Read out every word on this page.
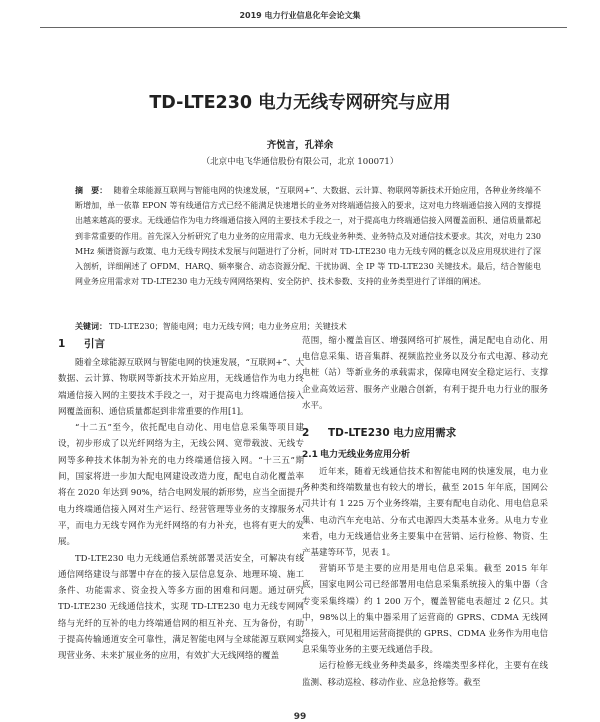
2019 电力行业信息化年会论文集
TD-LTE230 电力无线专网研究与应用
齐悦言，孔祥余
（北京中电飞华通信股份有限公司，北京 100071）
摘　要： 随着全球能源互联网与智能电网的快速发展，“互联网+”、大数据、云计算、物联网等新技术开始应用，各种业务终端不断增加，单一依靠 EPON 等有线通信方式已经不能满足快速增长的业务对终端通信接入的要求，这对电力终端通信接入网的支撑提出越来越高的要求。无线通信作为电力终端通信接入网的主要技术手段之一，对于提高电力终端通信接入网覆盖面积、通信质量都起到非常重要的作用。首先深入分析研究了电力业务的应用需求、电力无线业务种类、业务特点及对通信技术要求。其次，对电力 230 MHz 频谱资源与政策、电力无线专网技术发展与问题进行了分析，同时对 TD-LTE230 电力无线专网的概念以及应用现状进行了深入剖析，详细阐述了 OFDM、HARQ、频率聚合、动态资源分配、干扰协调、全 IP 等 TD-LTE230 关键技术。最后，结合智能电网业务应用需求对 TD-LTE230 电力无线专网网络架构、安全防护、技术参数、支持的业务类型进行了详细的阐述。
关键词： TD-LTE230；智能电网；电力无线专网；电力业务应用；关键技术
1 引言

随着全球能源互联网与智能电网的快速发展，“互联网+”、大数据、云计算、物联网等新技术开始应用，无线通信作为电力终端通信接入网的主要技术手段之一，对于提高电力终端通信接入网覆盖面积、通信质量都起到非常重要的作用[1]。

“十二五”至今，依托配电自动化、用电信息采集等项目建设，初步形成了以光纤网络为主，无线公网、宽带载波、无线专网等多种技术体制为补充的电力终端通信接入网。“十三五”期间，国家将进一步加大配电网建设改造力度，配电自动化覆盖率将在 2020 年达到 90%，结合电网发展的新形势，应当全面提升电力终端通信接入网对生产运行、经营管理等业务的支撑服务水平，而电力无线专网作为光纤网络的有力补充，也将有更大的发展。

TD-LTE230 电力无线通信系统部署灵活安全，可解决有线通信网络建设与部署中存在的接入层信息复杂、地理环境、施工条件、功能需求、资金投入等多方面的困难和问题。通过研究 TD-LTE230 无线通信技术，实现 TD-LTE230 电力无线专网网络与光纤的互补的电力终端通信网的相互补充、互为备份，有助于提高传输通道安全可靠性，满足智能电网与全球能源互联网实现营业务、未来扩展业务的应用，有效扩大无线网络的覆盖

范围，缩小覆盖盲区、增强网络可扩展性，满足配电自动化、用电信息采集、语音集群、视频监控业务以及分布式电源、移动充电桩（站）等新业务的承载需求，保障电网安全稳定运行、支撑企业高效运营、服务产业融合创新，有利于提升电力行业的服务水平。

2 TD-LTE230 电力应用需求
2.1 电力无线业务应用分析

近年来，随着无线通信技术和智能电网的快速发展，电力业务种类和终端数量也有较大的增长，截至 2015 年年底，国网公司共计有 1 225 万个业务终端，主要有配电自动化、用电信息采集、电动汽车充电站、分布式电源四大类基本业务。从电力专业来看，电力无线通信业务主要集中在营销、运行检修、物资、生产基建等环节，见表 1。

营销环节是主要的应用是用电信息采集。截至 2015 年年底，国家电网公司已经部署用电信息采集系统接入的集中器（含专变采集终端）约 1 200 万个，覆盖智能电表超过 2 亿只。其中，98%以上的集中器采用了运营商的 GPRS、CDMA 无线网络接入，可见租用运营商提供的 GPRS、CDMA 业务作为用电信息采集等业务的主要无线通信手段。

运行检修无线业务种类最多，终端类型多样化，主要有在线监测、移动巡检、移动作业、应急抢修等。截至

99
